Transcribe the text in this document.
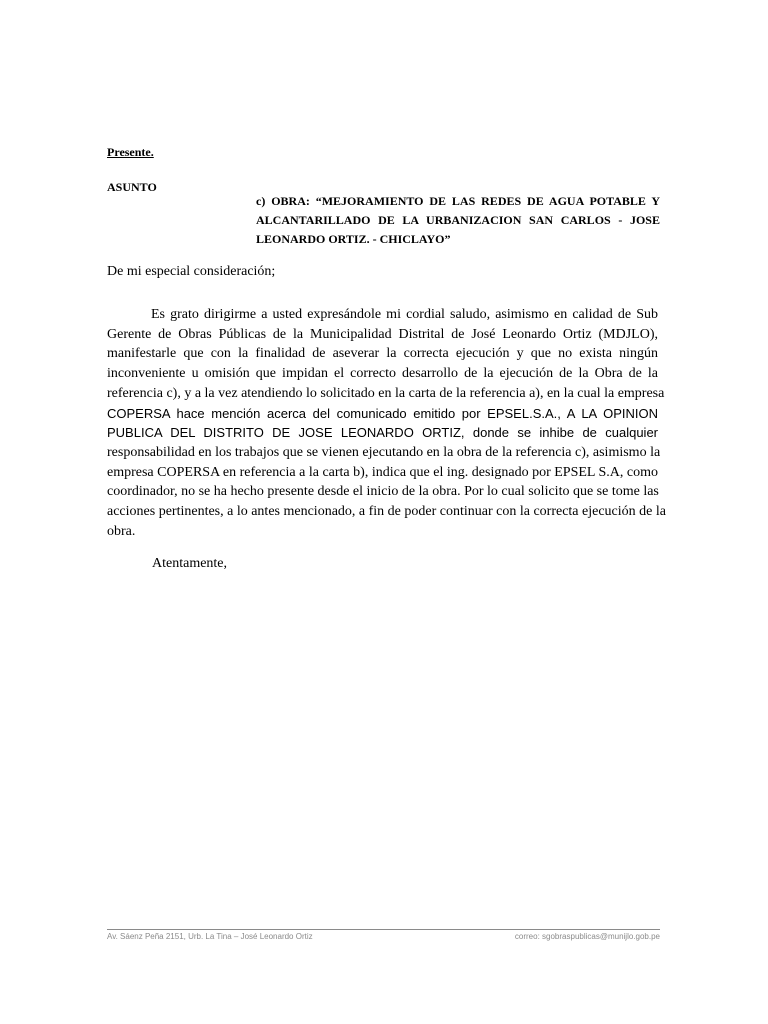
Presente.
ASUNTO
c) OBRA: “MEJORAMIENTO DE LAS REDES DE AGUA POTABLE Y
ALCANTARILLADO DE LA URBANIZACION SAN CARLOS - JOSE
LEONARDO ORTIZ. - CHICLAYO”
De mi especial consideración;
Es grato dirigirme a usted expresándole mi cordial saludo, asimismo en calidad de Sub
Gerente de Obras Públicas de la Municipalidad Distrital de José Leonardo Ortiz (MDJLO),
manifestarle que con la finalidad de aseverar la correcta ejecución y que no exista ningún
inconveniente u omisión que impidan el correcto desarrollo de la ejecución de la Obra de la
referencia c), y a la vez atendiendo lo solicitado en la carta de la referencia a), en la cual la empresa
COPERSA hace mención acerca del comunicado emitido por EPSEL.S.A., A LA OPINION
PUBLICA DEL DISTRITO DE JOSE LEONARDO ORTIZ, donde se inhibe de cualquier
responsabilidad en los trabajos que se vienen ejecutando en la obra de la referencia c), asimismo la
empresa COPERSA en referencia a la carta b), indica que el ing. designado por EPSEL S.A, como
coordinador, no se ha hecho presente desde el inicio de la obra. Por lo cual solicito que se tome las
acciones pertinentes, a lo antes mencionado, a fin de poder continuar con la correcta ejecución de la
obra.
Atentamente,
Av. Sáenz Peña 2151, Urb. La Tina – José Leonardo Ortiz	correo: sgobraspublicas@munijlo.gob.pe
